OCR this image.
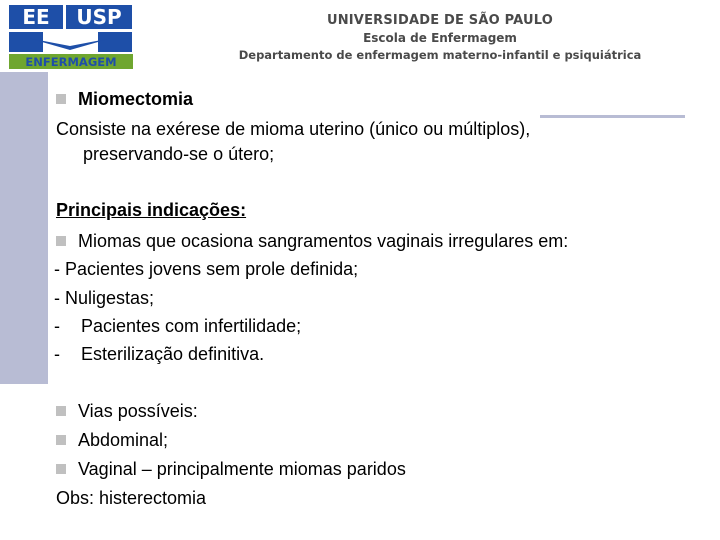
EE USP
ENFERMAGEM
UNIVERSIDADE DE SÃO PAULO
Escola de Enfermagem
Departamento de enfermagem materno-infantil e psiquiátrica
Miomectomia
Consiste na exérese de mioma uterino (único ou múltiplos),
preservando-se o útero;
Principais indicações:
Miomas que ocasiona sangramentos vaginais irregulares em:
- Pacientes jovens sem prole definida;
- Nuligestas;
- Pacientes com infertilidade;
- Esterilização definitiva.
Vias possíveis:
Abdominal;
Vaginal – principalmente miomas paridos
Obs: histerectomia
